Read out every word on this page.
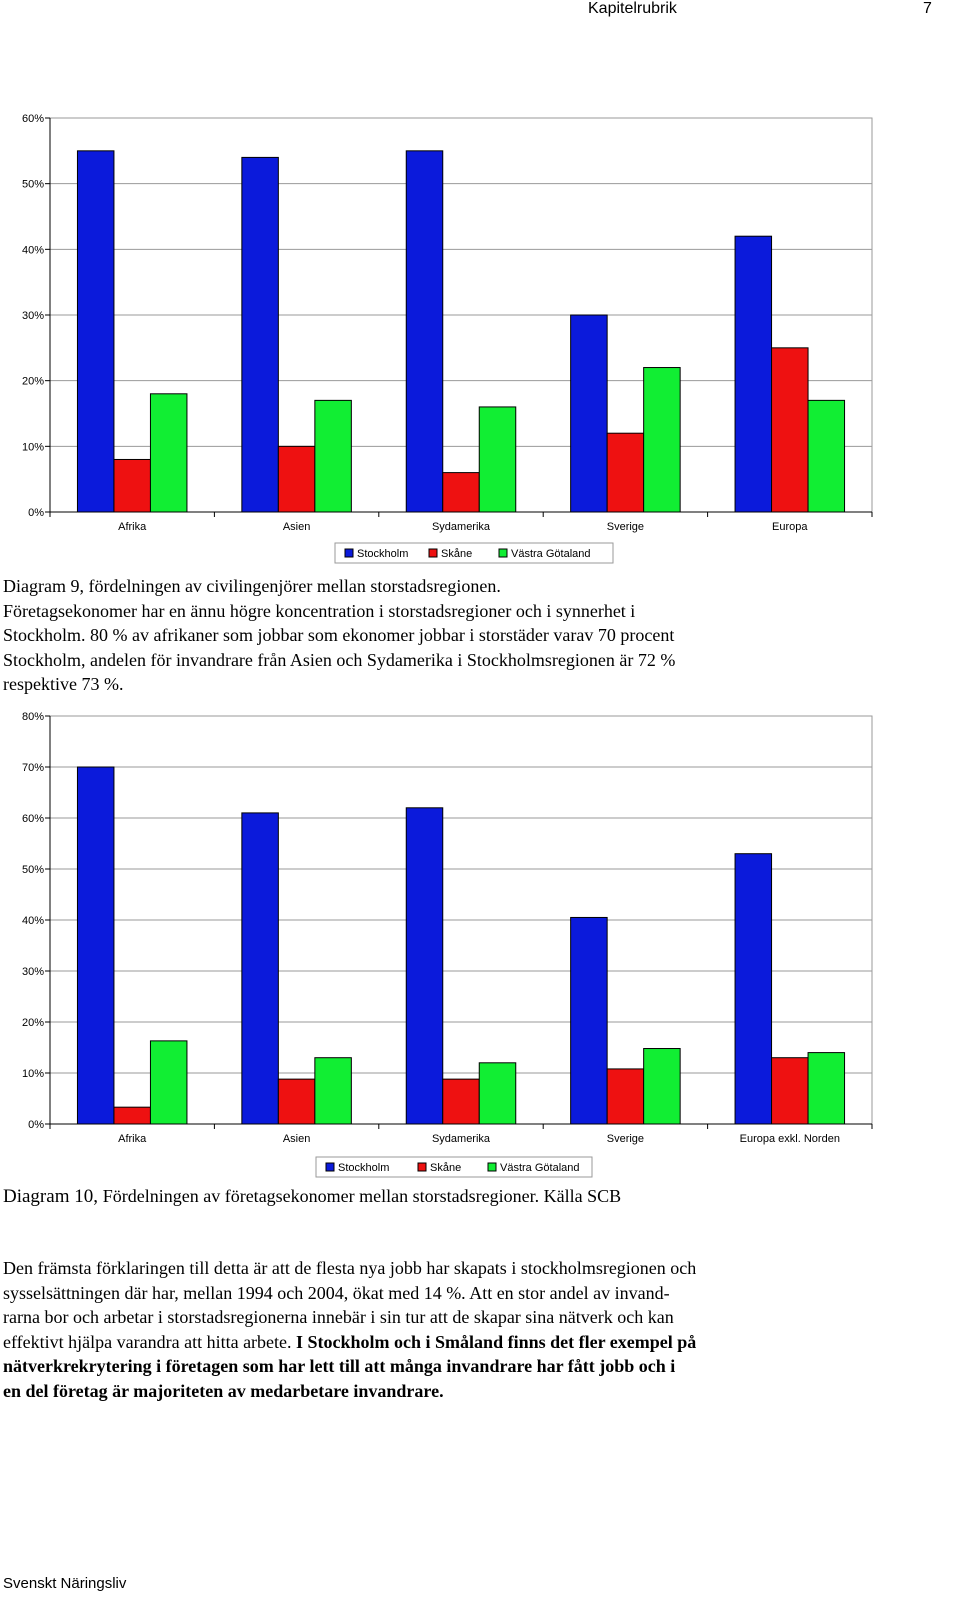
Kapitelrubrik	7
0%
10%
20%
30%
40%
50%
60%
Afrika	Asien	Sydamerika	Sverige	Europa
Stockholm	Skåne	Västra Götaland
Diagram 9, fördelningen av civilingenjörer mellan storstadsregionen.
Företagsekonomer har en ännu högre koncentration i storstadsregioner och i synnerhet i
Stockholm. 80 % av afrikaner som jobbar som ekonomer jobbar i storstäder varav 70 procent
Stockholm, andelen för invandrare från Asien och Sydamerika i Stockholmsregionen är 72 %
respektive 73 %.
0%
10%
20%
30%
40%
50%
60%
70%
80%
Afrika	Asien	Sydamerika	Sverige	Europa exkl. Norden
Stockholm	Skåne	Västra Götaland
Diagram 10, Fördelningen av företagsekonomer mellan storstadsregioner. Källa SCB
Den främsta förklaringen till detta är att de flesta nya jobb har skapats i stockholmsregionen och
sysselsättningen där har, mellan 1994 och 2004, ökat med 14 %. Att en stor andel av invand-
rarna bor och arbetar i storstadsregionerna innebär i sin tur att de skapar sina nätverk och kan
effektivt hjälpa varandra att hitta arbete. I Stockholm och i Småland finns det fler exempel på
nätverkrekrytering i företagen som har lett till att många invandrare har fått jobb och i
en del företag är majoriteten av medarbetare invandrare.
Svenskt Näringsliv
